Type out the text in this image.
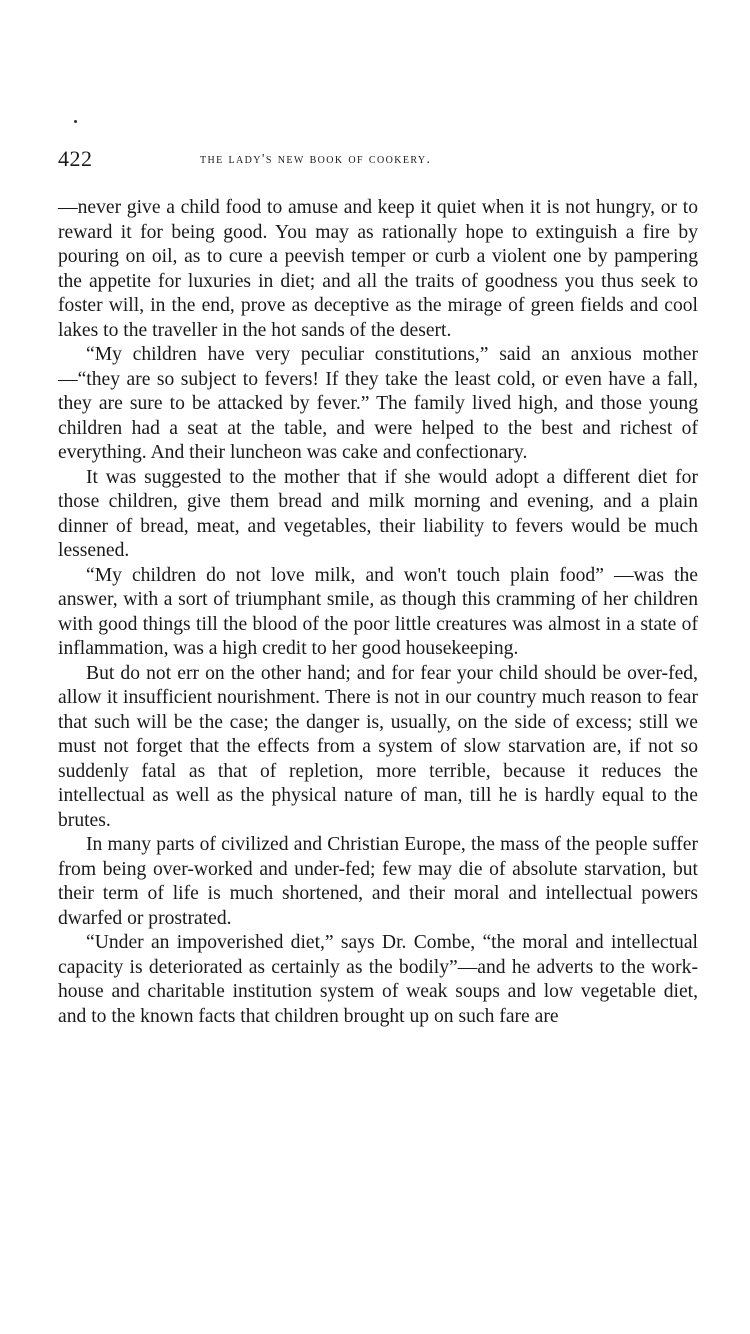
422	the lady's new book of cookery.

—never give a child food to amuse and keep it quiet when it is not hungry, or to reward it for being good. You may as rationally hope to extinguish a fire by pouring on oil, as to cure a peevish temper or curb a violent one by pampering the appetite for luxuries in diet; and all the traits of goodness you thus seek to foster will, in the end, prove as deceptive as the mirage of green fields and cool lakes to the traveller in the hot sands of the desert.

“My children have very peculiar constitutions,” said an anxious mother—“they are so subject to fevers! If they take the least cold, or even have a fall, they are sure to be attacked by fever.” The family lived high, and those young children had a seat at the table, and were helped to the best and richest of everything. And their luncheon was cake and confectionary.

It was suggested to the mother that if she would adopt a different diet for those children, give them bread and milk morning and evening, and a plain dinner of bread, meat, and vegetables, their liability to fevers would be much lessened.

“My children do not love milk, and won't touch plain food” —was the answer, with a sort of triumphant smile, as though this cramming of her children with good things till the blood of the poor little creatures was almost in a state of inflammation, was a high credit to her good housekeeping.

But do not err on the other hand; and for fear your child should be over-fed, allow it insufficient nourishment. There is not in our country much reason to fear that such will be the case; the danger is, usually, on the side of excess; still we must not forget that the effects from a system of slow starvation are, if not so suddenly fatal as that of repletion, more terrible, because it reduces the intellectual as well as the physical nature of man, till he is hardly equal to the brutes.

In many parts of civilized and Christian Europe, the mass of the people suffer from being over-worked and under-fed; few may die of absolute starvation, but their term of life is much shortened, and their moral and intellectual powers dwarfed or prostrated.

“Under an impoverished diet,” says Dr. Combe, “the moral and intellectual capacity is deteriorated as certainly as the bodily”—and he adverts to the work-house and charitable institution system of weak soups and low vegetable diet, and to the known facts that children brought up on such fare are
